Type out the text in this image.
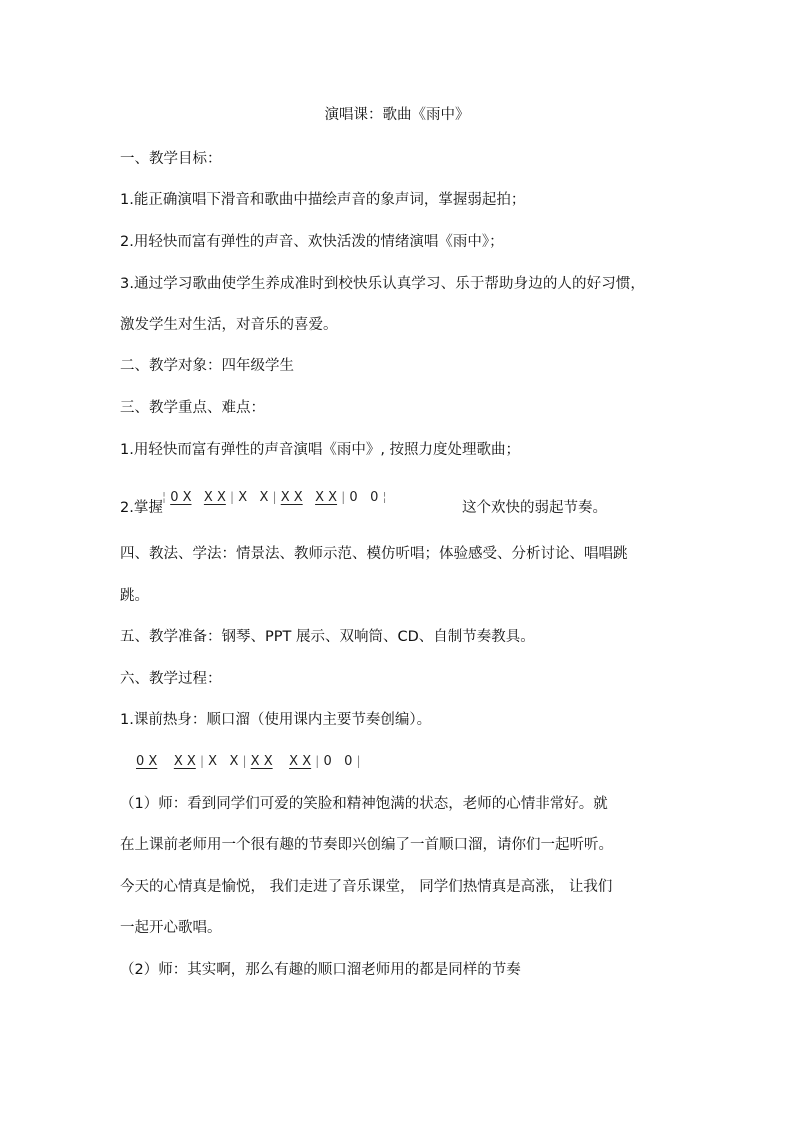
演唱课：歌曲《雨中》
一、教学目标：
1.能正确演唱下滑音和歌曲中描绘声音的象声词，掌握弱起拍；
2.用轻快而富有弹性的声音、欢快活泼的情绪演唱《雨中》；
3.通过学习歌曲使学生养成准时到校快乐认真学习、乐于帮助身边的人的好习惯，
激发学生对生活，对音乐的喜爱。
二、教学对象：四年级学生
三、教学重点、难点：
1.用轻快而富有弹性的声音演唱《雨中》, 按照力度处理歌曲；
2.掌握
¦ 0 X X X | X X | X X X X | 0 0 ¦
这个欢快的弱起节奏。
四、教法、学法：情景法、教师示范、模仿听唱；体验感受、分析讨论、唱唱跳
跳。
五、教学准备：钢琴、PPT 展示、双响筒、CD、自制节奏教具。
六、教学过程：
1.课前热身：顺口溜（使用课内主要节奏创编）。
0 X X X | X X | X X X X | 0 0 |
（1）师：看到同学们可爱的笑脸和精神饱满的状态，老师的心情非常好。就
在上课前老师用一个很有趣的节奏即兴创编了一首顺口溜，请你们一起听听。
今天的心情真是愉悦， 我们走进了音乐课堂， 同学们热情真是高涨， 让我们
一起开心歌唱。
（2）师：其实啊，那么有趣的顺口溜老师用的都是同样的节奏
